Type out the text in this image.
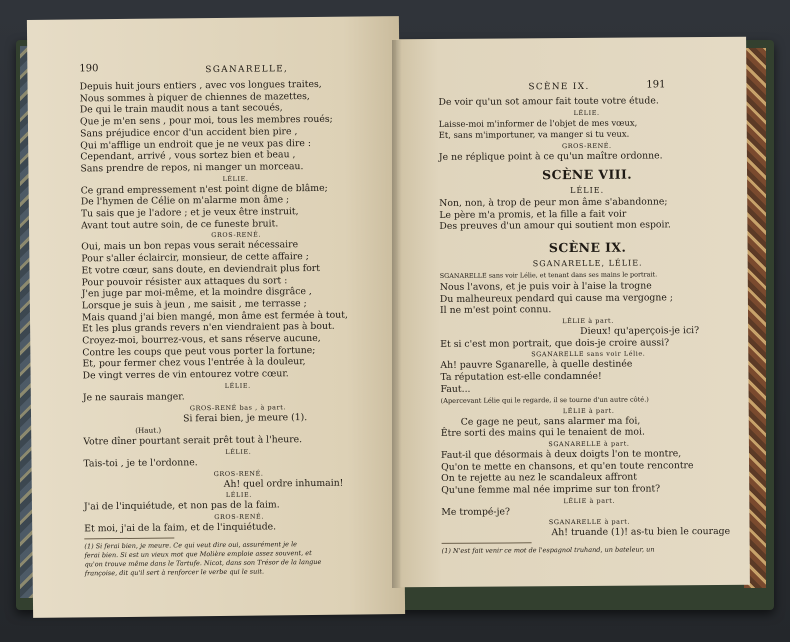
190	SGANARELLE,
Depuis huit jours entiers , avec vos longues traites,
Nous sommes à piquer de chiennes de mazettes,
De qui le train maudit nous a tant secoués,
Que je m'en sens , pour moi, tous les membres roués;
Sans préjudice encor d'un accident bien pire ,
Qui m'afflige un endroit que je ne veux pas dire :
Cependant, arrivé , vous sortez bien et beau ,
Sans prendre de repos, ni manger un morceau.
LÉLIE.
Ce grand empressement n'est point digne de blâme;
De l'hymen de Célie on m'alarme mon âme ;
Tu sais que je l'adore ; et je veux être instruit,
Avant tout autre soin, de ce funeste bruit.
GROS-RENÉ.
Oui, mais un bon repas vous serait nécessaire
Pour s'aller éclaircir, monsieur, de cette affaire ;
Et votre cœur, sans doute, en deviendrait plus fort
Pour pouvoir résister aux attaques du sort :
J'en juge par moi-même, et la moindre disgrâce ,
Lorsque je suis à jeun , me saisit , me terrasse ;
Mais quand j'ai bien mangé, mon âme est fermée à tout,
Et les plus grands revers n'en viendraient pas à bout.
Croyez-moi, bourrez-vous, et sans réserve aucune,
Contre les coups que peut vous porter la fortune;
Et, pour fermer chez vous l'entrée à la douleur,
De vingt verres de vin entourez votre cœur.
LÉLIE.
Je ne saurais manger.
GROS-RENÉ bas , à part.
Si ferai bien, je meure (1).
(Haut.)
Votre dîner pourtant serait prêt tout à l'heure.
LÉLIE.
Tais-toi , je te l'ordonne.
GROS-RENÉ.
Ah! quel ordre inhumain!
LÉLIE.
J'ai de l'inquiétude, et non pas de la faim.
GROS-RENÉ.
Et moi, j'ai de la faim, et de l'inquiétude.
(1) Si ferai bien, je meure. Ce qui veut dire oui, assurément je le
ferai bien. Si est un vieux mot que Molière emploie assez souvent, et
qu'on trouve même dans le Tartufe. Nicot, dans son Trésor de la langue
françoise, dit qu'il sert à renforcer le verbe qui le suit.
SCÈNE IX.	191
De voir qu'un sot amour fait toute votre étude.
LÉLIE.
Laisse-moi m'informer de l'objet de mes vœux,
Et, sans m'importuner, va manger si tu veux.
GROS-RENÉ.
Je ne réplique point à ce qu'un maître ordonne.
SCÈNE VIII.
LÉLIE.
Non, non, à trop de peur mon âme s'abandonne;
Le père m'a promis, et la fille a fait voir
Des preuves d'un amour qui soutient mon espoir.
SCÈNE IX.
SGANARELLE, LÉLIE.
SGANARELLE sans voir Lélie, et tenant dans ses mains le portrait.
Nous l'avons, et je puis voir à l'aise la trogne
Du malheureux pendard qui cause ma vergogne ;
Il ne m'est point connu.
LÉLIE à part.
Dieux! qu'aperçois-je ici?
Et si c'est mon portrait, que dois-je croire aussi?
SGANARELLE sans voir Lélie.
Ah! pauvre Sganarelle, à quelle destinée
Ta réputation est-elle condamnée!
Faut...
(Apercevant Lélie qui le regarde, il se tourne d'un autre côté.)
LÉLIE à part.
Ce gage ne peut, sans alarmer ma foi,
Être sorti des mains qui le tenaient de moi.
SGANARELLE à part.
Faut-il que désormais à deux doigts l'on te montre,
Qu'on te mette en chansons, et qu'en toute rencontre
On te rejette au nez le scandaleux affront
Qu'une femme mal née imprime sur ton front?
LÉLIE à part.
Me trompé-je?
SGANARELLE à part.
Ah! truande (1)! as-tu bien le courage
(1) N'est fait venir ce mot de l'espagnol truhand, un bateleur, un
